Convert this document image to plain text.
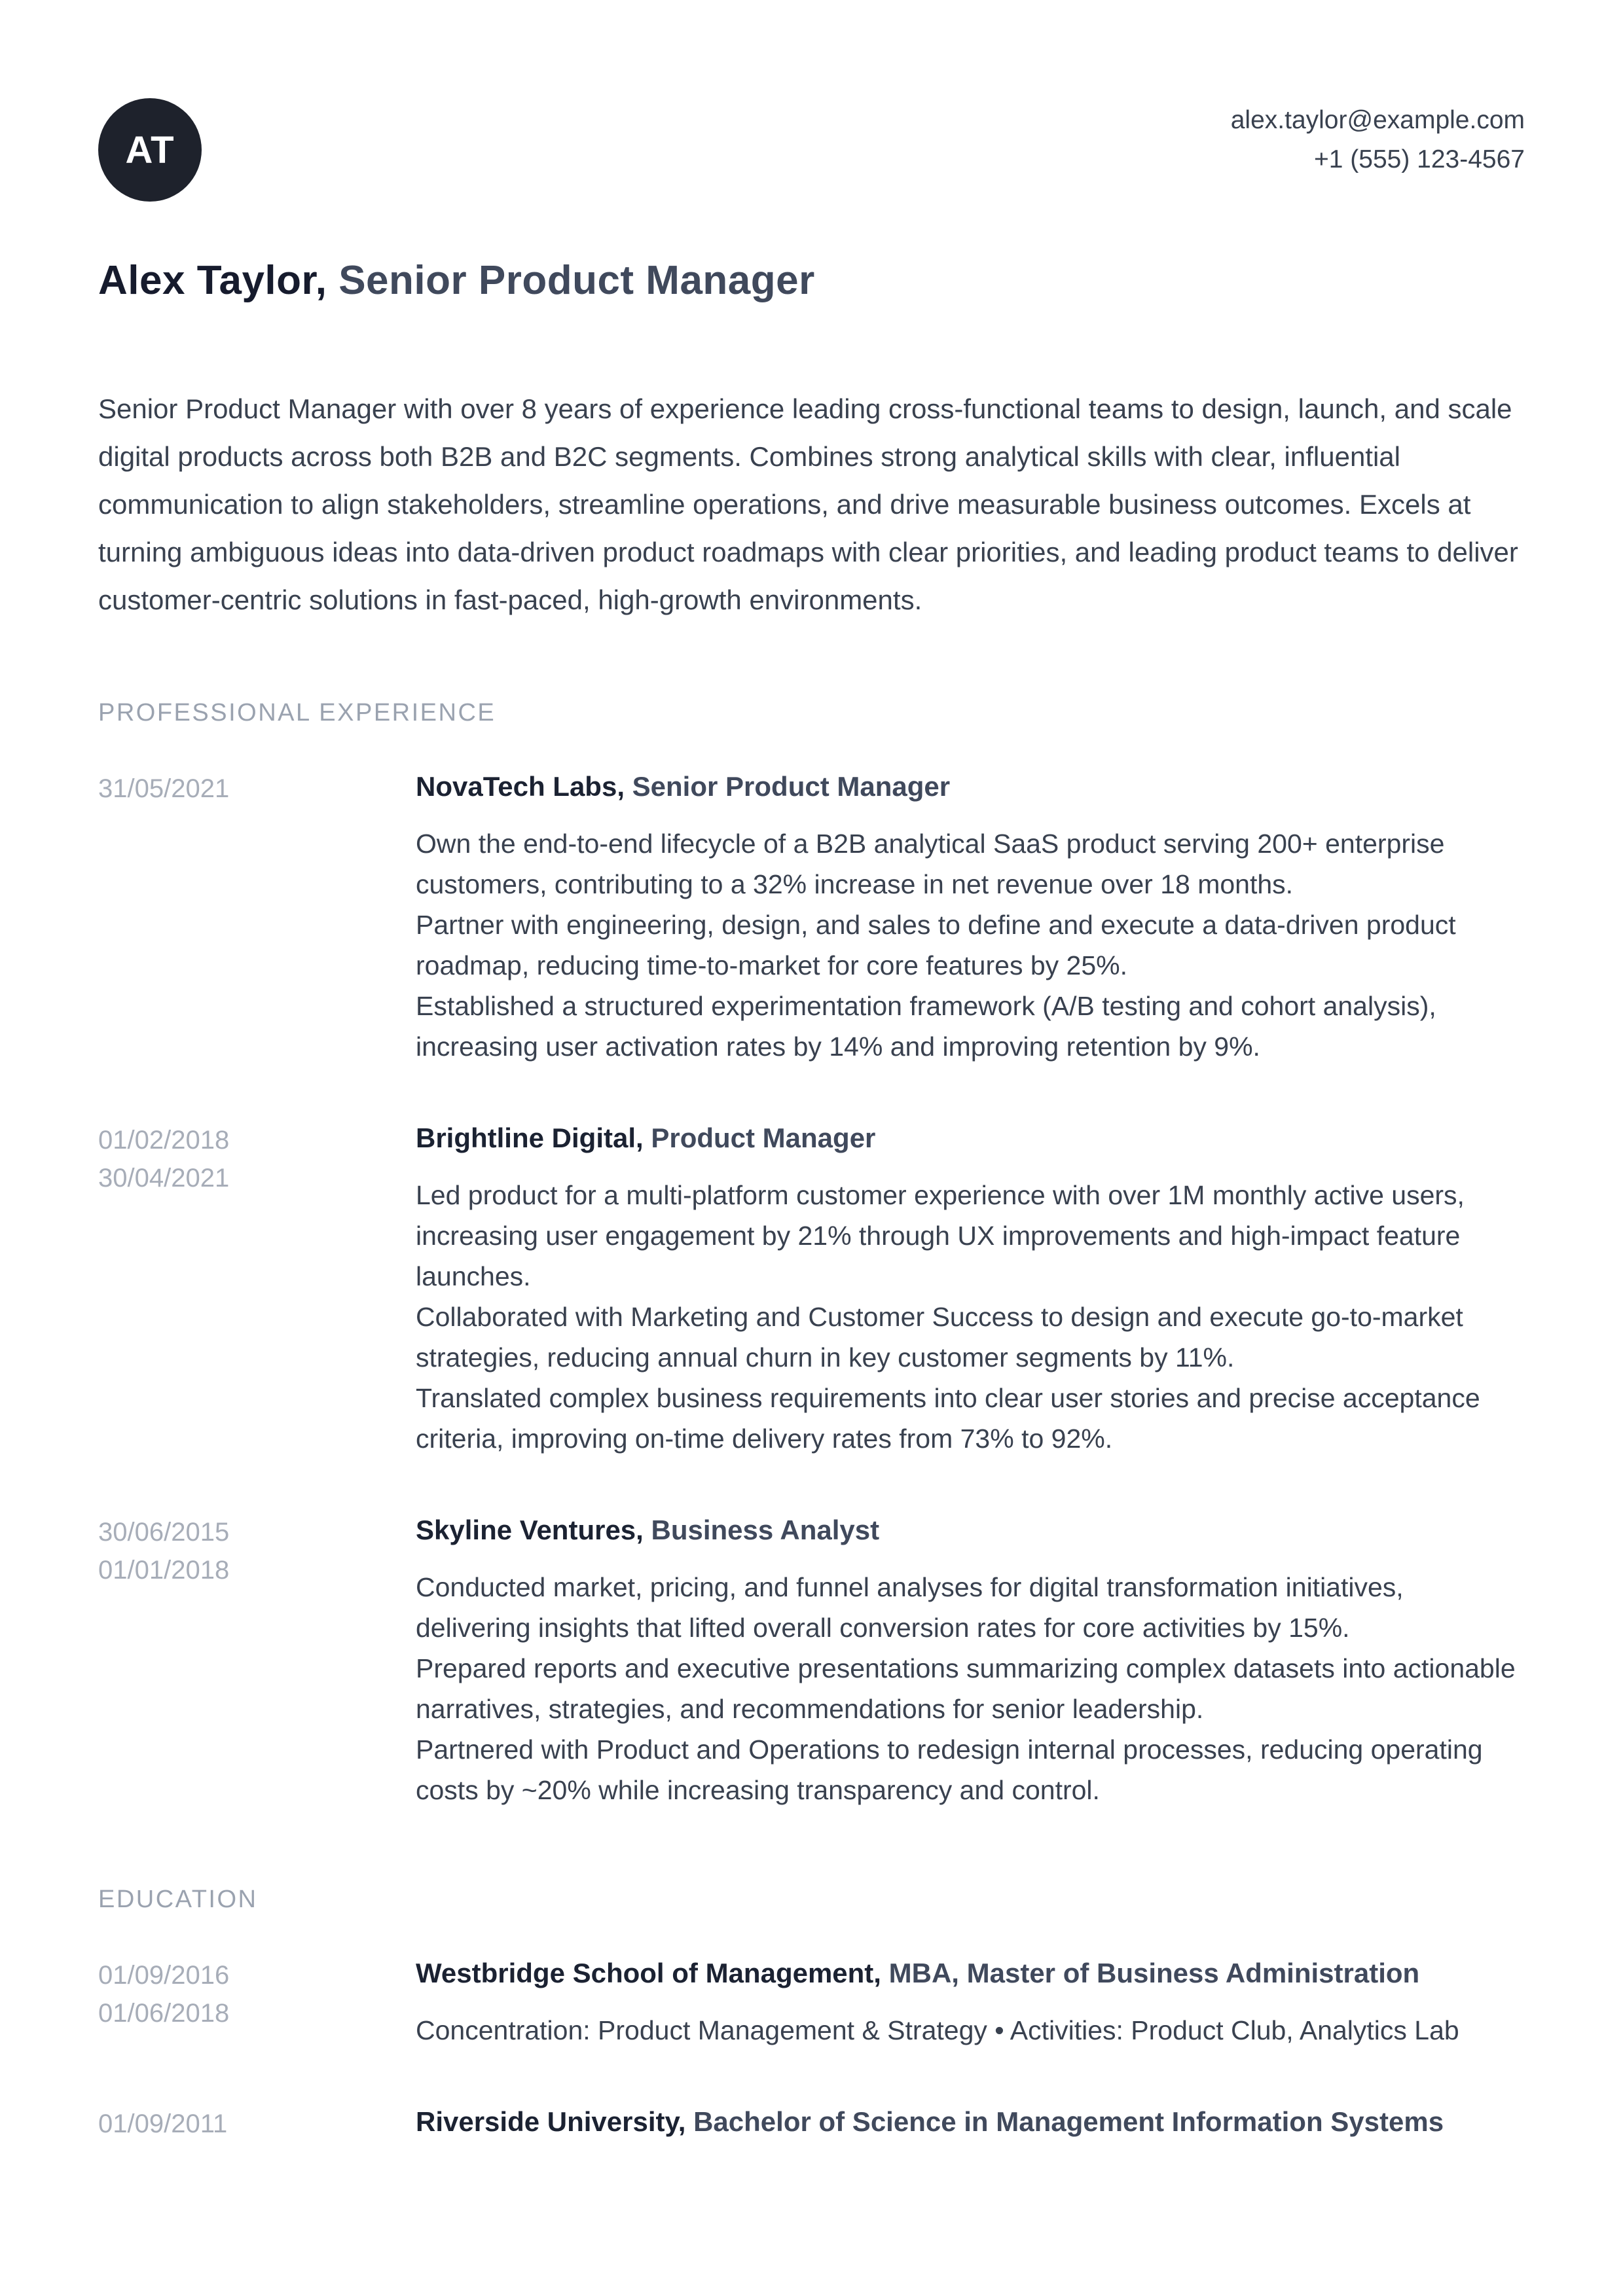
AT
alex.taylor@example.com
+1 (555) 123-4567
Alex Taylor, Senior Product Manager

Senior Product Manager with over 8 years of experience leading cross-functional teams to design, launch, and scale digital products across both B2B and B2C segments. Combines strong analytical skills with clear, influential communication to align stakeholders, streamline operations, and drive measurable business outcomes. Excels at turning ambiguous ideas into data-driven product roadmaps with clear priorities, and leading product teams to deliver customer-centric solutions in fast-paced, high-growth environments.

PROFESSIONAL EXPERIENCE
31/05/2021	NovaTech Labs, Senior Product Manager

Own the end-to-end lifecycle of a B2B analytical SaaS product serving 200+ enterprise customers, contributing to a 32% increase in net revenue over 18 months.

Partner with engineering, design, and sales to define and execute a data-driven product roadmap, reducing time-to-market for core features by 25%.

Established a structured experimentation framework (A/B testing and cohort analysis), increasing user activation rates by 14% and improving retention by 9%.

01/02/2018
30/04/2021
Brightline Digital, Product Manager

Led product for a multi-platform customer experience with over 1M monthly active users, increasing user engagement by 21% through UX improvements and high-impact feature launches.

Collaborated with Marketing and Customer Success to design and execute go-to-market strategies, reducing annual churn in key customer segments by 11%.

Translated complex business requirements into clear user stories and precise acceptance criteria, improving on-time delivery rates from 73% to 92%.

30/06/2015
01/01/2018
Skyline Ventures, Business Analyst

Conducted market, pricing, and funnel analyses for digital transformation initiatives, delivering insights that lifted overall conversion rates for core activities by 15%.

Prepared reports and executive presentations summarizing complex datasets into actionable narratives, strategies, and recommendations for senior leadership.

Partnered with Product and Operations to redesign internal processes, reducing operating costs by ~20% while increasing transparency and control.

EDUCATION
01/09/2016
01/06/2018
Westbridge School of Management, MBA, Master of Business Administration

Concentration: Product Management & Strategy • Activities: Product Club, Analytics Lab

01/09/2011	Riverside University, Bachelor of Science in Management Information Systems
